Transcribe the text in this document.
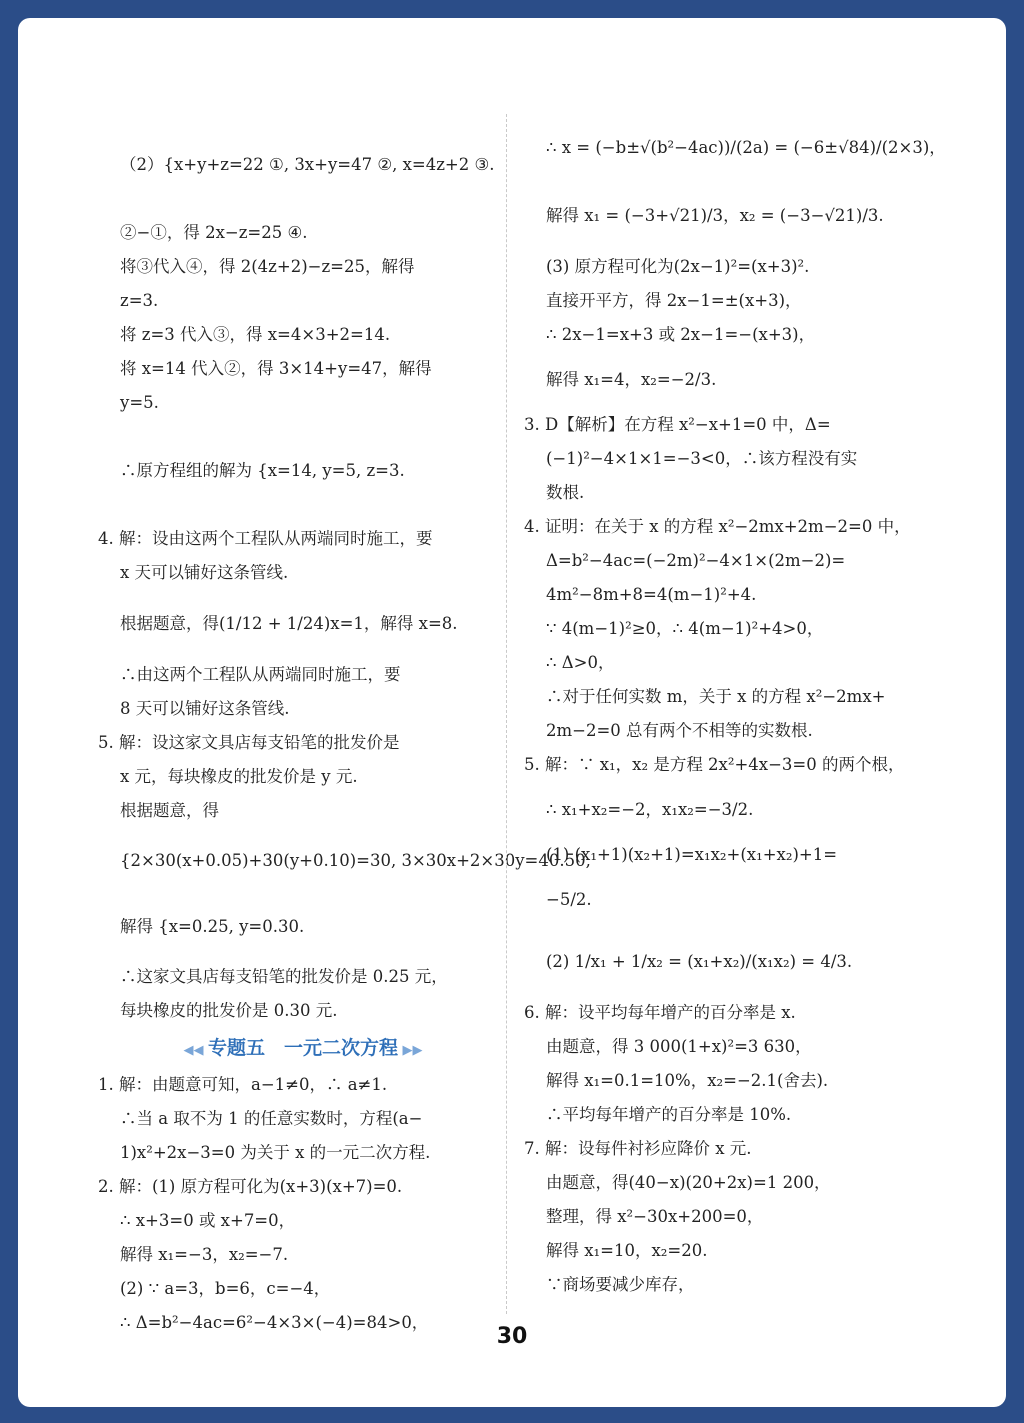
（2）{x+y+z=22 ①, 3x+y=47 ②, x=4z+2 ③.
②−①，得 2x−z=25 ④.
将③代入④，得 2(4z+2)−z=25，解得
z=3.
将 z=3 代入③，得 x=4×3+2=14.
将 x=14 代入②，得 3×14+y=47，解得
y=5.
∴原方程组的解为 {x=14, y=5, z=3.
4. 解：设由这两个工程队从两端同时施工，要
x 天可以铺好这条管线.
根据题意，得(1/12 + 1/24)x=1，解得 x=8.
∴由这两个工程队从两端同时施工，要
8 天可以铺好这条管线.
5. 解：设这家文具店每支铅笔的批发价是
x 元，每块橡皮的批发价是 y 元.
根据题意，得
{2×30(x+0.05)+30(y+0.10)=30, 3×30x+2×30y=40.50,
解得 {x=0.25, y=0.30.
∴这家文具店每支铅笔的批发价是 0.25 元，
每块橡皮的批发价是 0.30 元.
◀◀ 专题五　一元二次方程 ▶▶
1. 解：由题意可知，a−1≠0，∴ a≠1.
∴当 a 取不为 1 的任意实数时，方程(a−
1)x²+2x−3=0 为关于 x 的一元二次方程.
2. 解：(1) 原方程可化为(x+3)(x+7)=0.
∴ x+3=0 或 x+7=0，
解得 x₁=−3，x₂=−7.
(2) ∵ a=3，b=6，c=−4，
∴ Δ=b²−4ac=6²−4×3×(−4)=84>0，
∴ x = (−b±√(b²−4ac))/(2a) = (−6±√84)/(2×3)，
解得 x₁ = (−3+√21)/3，x₂ = (−3−√21)/3.
(3) 原方程可化为(2x−1)²=(x+3)².
直接开平方，得 2x−1=±(x+3)，
∴ 2x−1=x+3 或 2x−1=−(x+3)，
解得 x₁=4，x₂=−2/3.
3. D【解析】在方程 x²−x+1=0 中，Δ=
(−1)²−4×1×1=−3<0，∴该方程没有实
数根.
4. 证明：在关于 x 的方程 x²−2mx+2m−2=0 中，
Δ=b²−4ac=(−2m)²−4×1×(2m−2)=
4m²−8m+8=4(m−1)²+4.
∵ 4(m−1)²≥0，∴ 4(m−1)²+4>0，
∴ Δ>0，
∴对于任何实数 m，关于 x 的方程 x²−2mx+
2m−2=0 总有两个不相等的实数根.
5. 解：∵ x₁，x₂ 是方程 2x²+4x−3=0 的两个根，
∴ x₁+x₂=−2，x₁x₂=−3/2.
(1) (x₁+1)(x₂+1)=x₁x₂+(x₁+x₂)+1=
−5/2.
(2) 1/x₁ + 1/x₂ = (x₁+x₂)/(x₁x₂) = 4/3.
6. 解：设平均每年增产的百分率是 x.
由题意，得 3 000(1+x)²=3 630，
解得 x₁=0.1=10%，x₂=−2.1(舍去).
∴平均每年增产的百分率是 10%.
7. 解：设每件衬衫应降价 x 元.
由题意，得(40−x)(20+2x)=1 200，
整理，得 x²−30x+200=0，
解得 x₁=10，x₂=20.
∵商场要减少库存，
30
